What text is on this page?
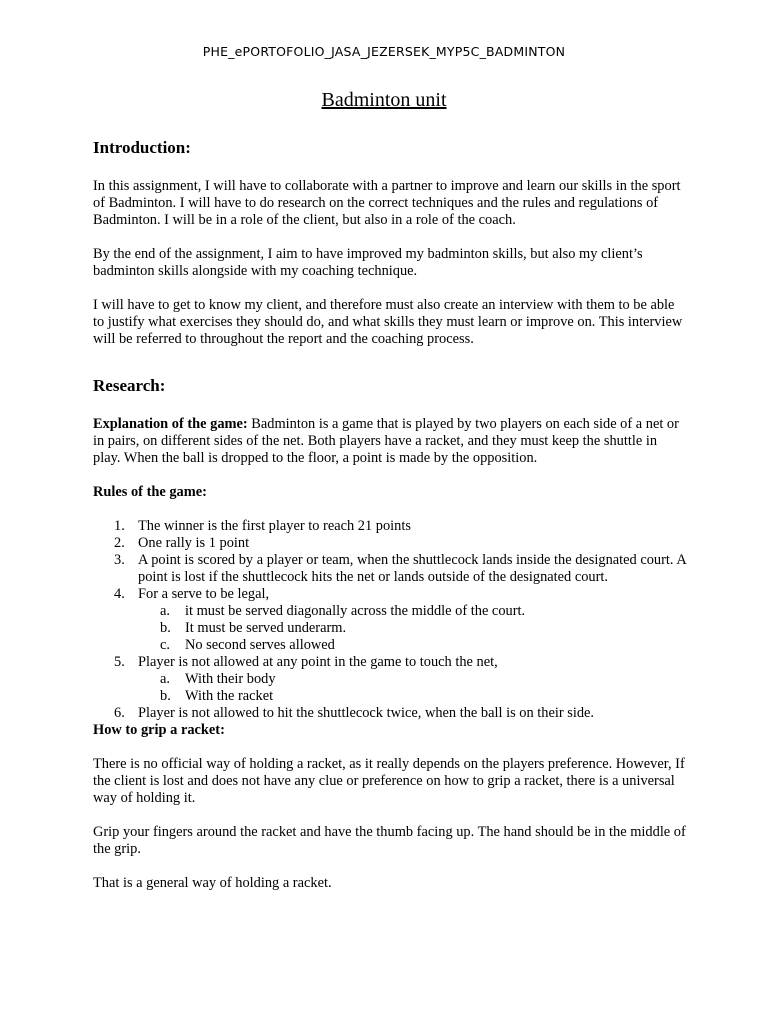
PHE_ePORTOFOLIO_JASA_JEZERSEK_MYP5C_BADMINTON
Badminton unit
Introduction:

In this assignment, I will have to collaborate with a partner to improve and learn our skills in the sport of Badminton. I will have to do research on the correct techniques and the rules and regulations of Badminton. I will be in a role of the client, but also in a role of the coach.

By the end of the assignment, I aim to have improved my badminton skills, but also my client’s badminton skills alongside with my coaching technique.

I will have to get to know my client, and therefore must also create an interview with them to be able to justify what exercises they should do, and what skills they must learn or improve on. This interview will be referred to throughout the report and the coaching process.

Research:

Explanation of the game: Badminton is a game that is played by two players on each side of a net or in pairs, on different sides of the net. Both players have a racket, and they must keep the shuttle in play. When the ball is dropped to the floor, a point is made by the opposition.

Rules of the game:

1. The winner is the first player to reach 21 points
2. One rally is 1 point
3. A point is scored by a player or team, when the shuttlecock lands inside the designated court. A point is lost if the shuttlecock hits the net or lands outside of the designated court.
4. For a serve to be legal,
a. it must be served diagonally across the middle of the court.
b. It must be served underarm.
c. No second serves allowed
5. Player is not allowed at any point in the game to touch the net,
a. With their body
b. With the racket
6. Player is not allowed to hit the shuttlecock twice, when the ball is on their side.

How to grip a racket:

There is no official way of holding a racket, as it really depends on the players preference. However, If the client is lost and does not have any clue or preference on how to grip a racket, there is a universal way of holding it.

Grip your fingers around the racket and have the thumb facing up. The hand should be in the middle of the grip.

That is a general way of holding a racket.
